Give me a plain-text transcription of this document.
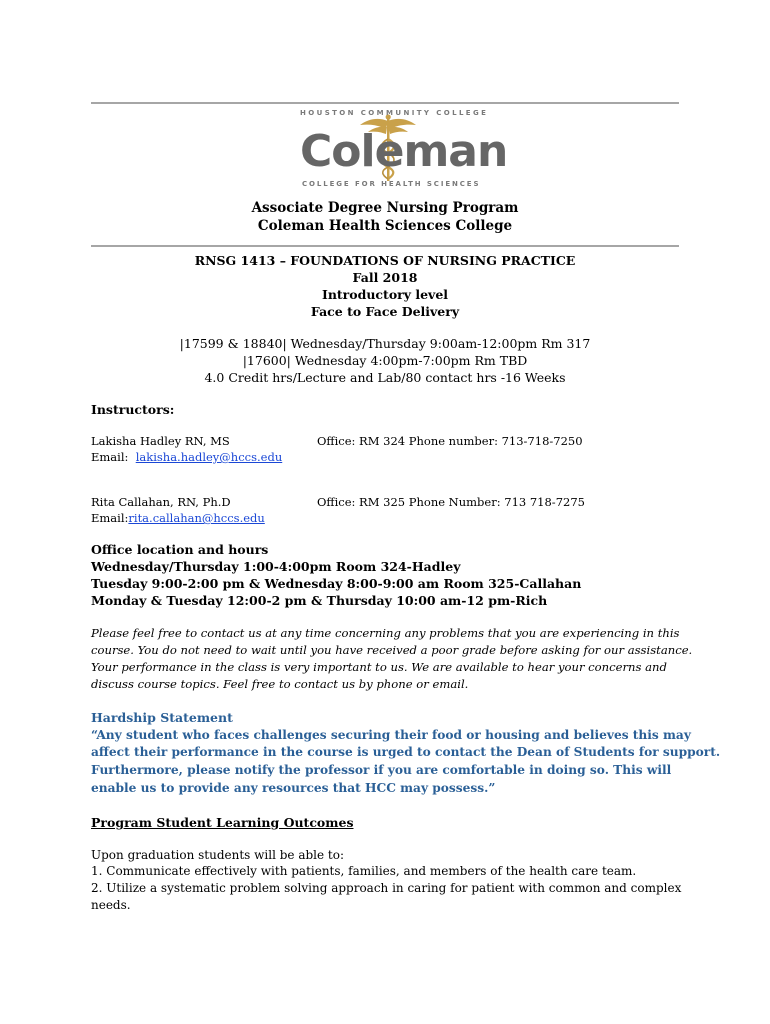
HOUSTON COMMUNITY COLLEGE
Coleman
COLLEGE FOR HEALTH SCIENCES
Associate Degree Nursing Program
Coleman Health Sciences College
RNSG 1413 – FOUNDATIONS OF NURSING PRACTICE
Fall 2018
Introductory level
Face to Face Delivery
|17599 & 18840| Wednesday/Thursday 9:00am-12:00pm Rm 317
|17600| Wednesday 4:00pm-7:00pm Rm TBD
4.0 Credit hrs/Lecture and Lab/80 contact hrs -16 Weeks
Instructors:
Lakisha Hadley RN, MS	Office: RM 324 Phone number: 713-718-7250
Email:  lakisha.hadley@hccs.edu
Rita Callahan, RN, Ph.D	Office: RM 325 Phone Number: 713 718-7275
Email:rita.callahan@hccs.edu
Office location and hours
Wednesday/Thursday 1:00-4:00pm Room 324-Hadley
Tuesday 9:00-2:00 pm & Wednesday 8:00-9:00 am Room 325-Callahan
Monday & Tuesday 12:00-2 pm & Thursday 10:00 am-12 pm-Rich
Please feel free to contact us at any time concerning any problems that you are experiencing in this
course. You do not need to wait until you have received a poor grade before asking for our assistance.
Your performance in the class is very important to us. We are available to hear your concerns and
discuss course topics. Feel free to contact us by phone or email.
Hardship Statement
“Any student who faces challenges securing their food or housing and believes this may
affect their performance in the course is urged to contact the Dean of Students for support.
Furthermore, please notify the professor if you are comfortable in doing so. This will
enable us to provide any resources that HCC may possess.”
Program Student Learning Outcomes
Upon graduation students will be able to:
1. Communicate effectively with patients, families, and members of the health care team.
2. Utilize a systematic problem solving approach in caring for patient with common and complex
needs.
